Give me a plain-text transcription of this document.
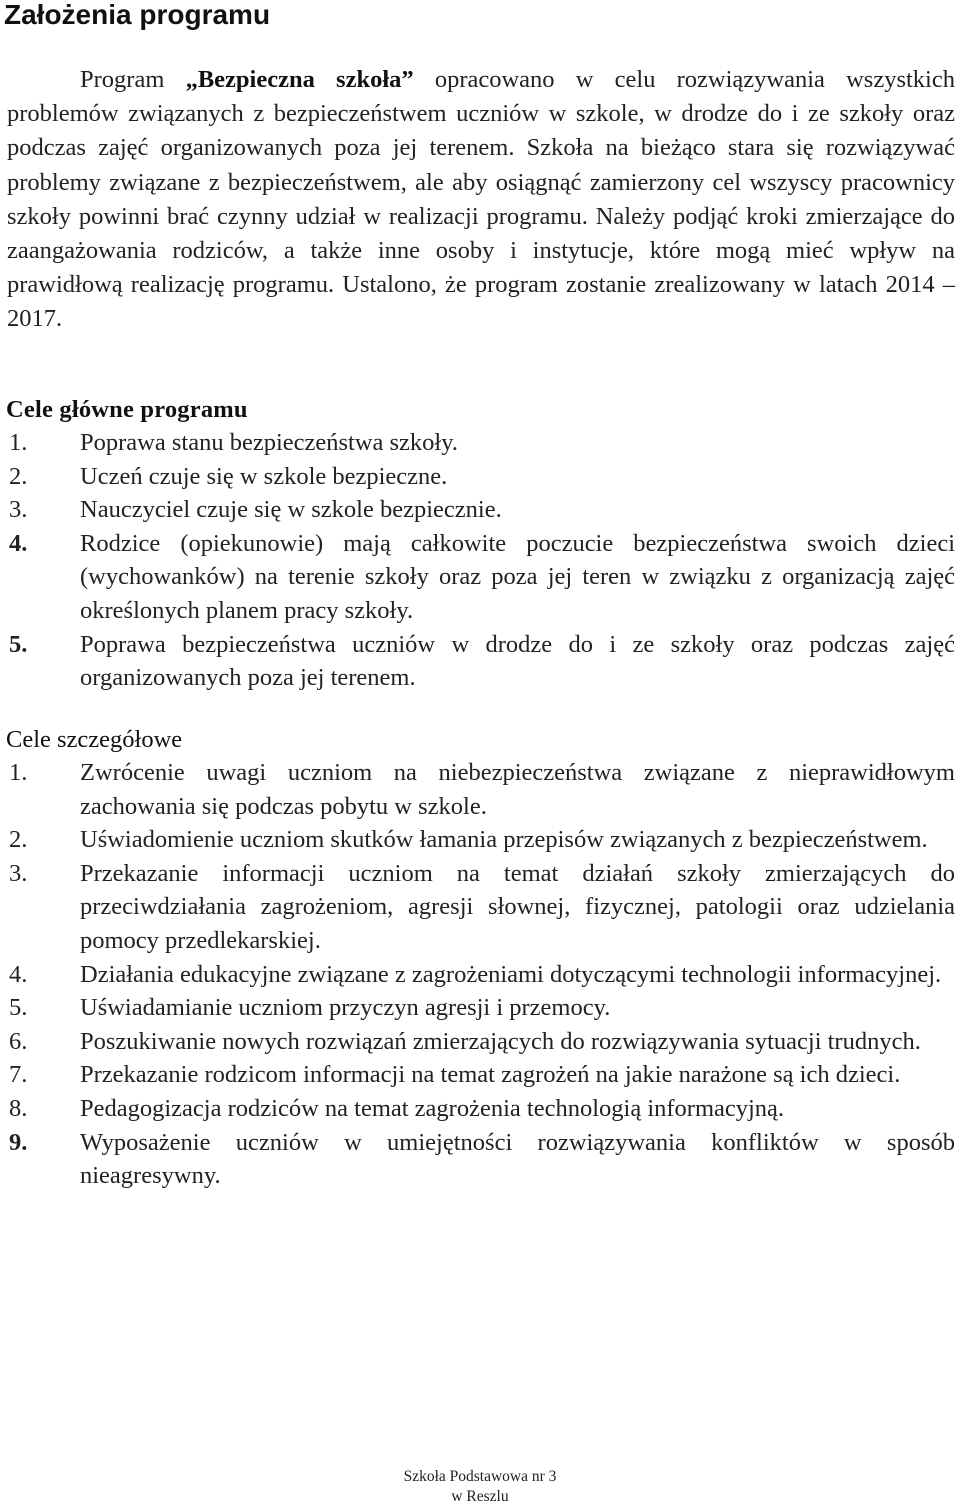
Założenia programu

Program „Bezpieczna szkoła” opracowano w celu rozwiązywania wszystkich problemów związanych z bezpieczeństwem uczniów w szkole, w drodze do i ze szkoły oraz podczas zajęć organizowanych poza jej terenem. Szkoła na bieżąco stara się rozwiązywać problemy związane z bezpieczeństwem, ale aby osiągnąć zamierzony cel wszyscy pracownicy szkoły powinni brać czynny udział w realizacji programu. Należy podjąć kroki zmierzające do zaangażowania rodziców, a także inne osoby i instytucje, które mogą mieć wpływ na prawidłową realizację programu. Ustalono, że program zostanie zrealizowany w latach 2014 – 2017.

Cele główne programu
1. Poprawa stanu bezpieczeństwa szkoły.
2. Uczeń czuje się w szkole bezpieczne.
3. Nauczyciel czuje się w szkole bezpiecznie.
4. Rodzice (opiekunowie) mają całkowite poczucie bezpieczeństwa swoich dzieci (wychowanków) na terenie szkoły oraz poza jej teren w związku z organizacją zajęć określonych planem pracy szkoły.
5. Poprawa bezpieczeństwa uczniów w drodze do i ze szkoły oraz podczas zajęć organizowanych poza jej terenem.
Cele szczegółowe
1. Zwrócenie uwagi uczniom na niebezpieczeństwa związane z nieprawidłowym zachowania się podczas pobytu w szkole.
2. Uświadomienie uczniom skutków łamania przepisów związanych z bezpieczeństwem.
3. Przekazanie informacji uczniom na temat działań szkoły zmierzających do przeciwdziałania zagrożeniom, agresji słownej, fizycznej, patologii oraz udzielania pomocy przedlekarskiej.
4. Działania edukacyjne związane z zagrożeniami dotyczącymi technologii informacyjnej.
5. Uświadamianie uczniom przyczyn agresji i przemocy.
6. Poszukiwanie nowych rozwiązań zmierzających do rozwiązywania sytuacji trudnych.
7. Przekazanie rodzicom informacji na temat zagrożeń na jakie narażone są ich dzieci.
8. Pedagogizacja rodziców na temat zagrożenia technologią informacyjną.
9. Wyposażenie uczniów w umiejętności rozwiązywania konfliktów w sposób nieagresywny.
Szkoła Podstawowa nr 3
w Reszlu
